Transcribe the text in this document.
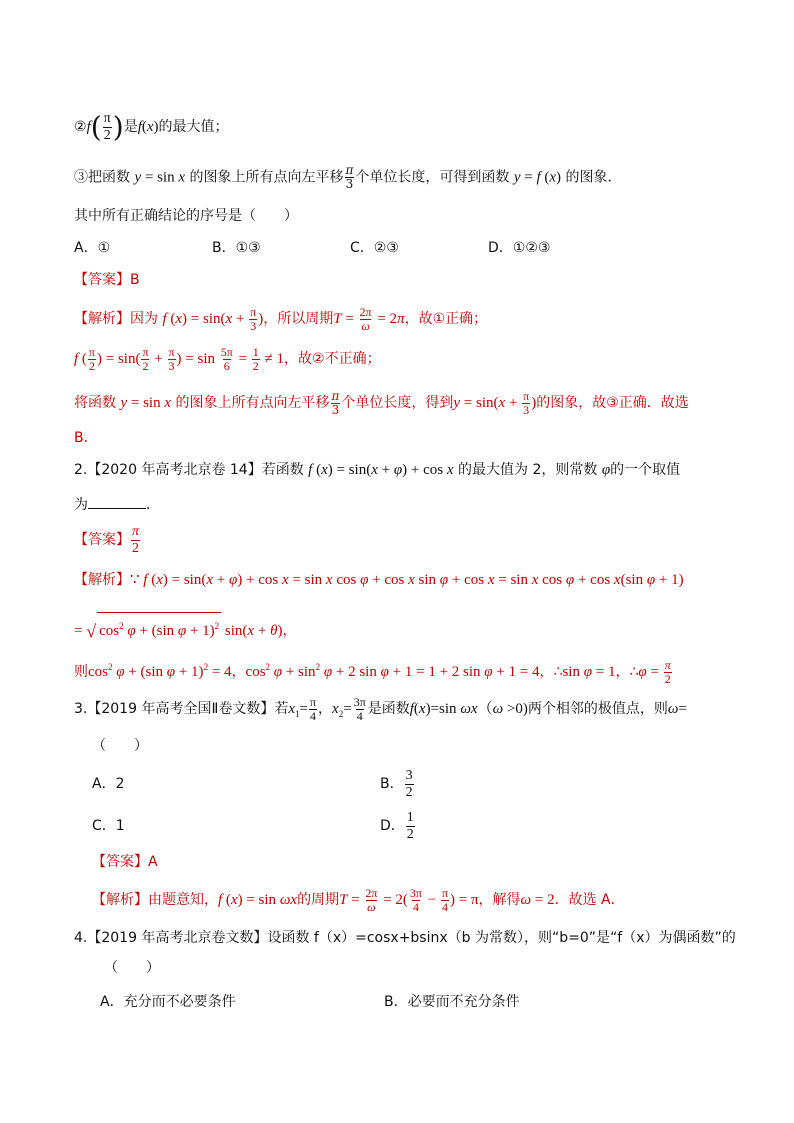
②f( $\frac{\pi}{2}$ )是f(x)的最大值；
③把函数 y = sin x 的图象上所有点向左平移 $\frac{\pi}{3}$ 个单位长度，可得到函数 y = f (x) 的图象．
其中所有正确结论的序号是（　　）
A．①	B．①③	C．②③	D．①②③
【答案】B
【解析】因为 f $(x) = \sin(x + \frac{\pi}{3}$ )，所以周期$T = \frac{2\pi}{\omega} = 2\pi$，故①正确；
f ( $\frac{\pi}{2}$ ) = $\sin( \frac{\pi}{2} + \frac{\pi}{3}$ ) = $\sin \frac{5\pi}{6} = \frac{1}{2} \ne 1$，故②不正确；
将函数 y = sin x 的图象上所有点向左平移 $\frac{\pi}{3}$ 个单位长度，得到$y = \sin(x + \frac{\pi}{3}$ )的图象，故③正确．故选
B．
2.【2020 年高考北京卷 14】若函数 f (x) = sin(x + φ) + cos x 的最大值为 2，则常数 φ的一个取值
为	．
【答案】 $\frac{\pi}{2}$
【解析】∵ f (x) = sin(x + φ) + cos x = sin x cos φ + cos x sin φ + cos x = sin x cos φ + cos x(sin φ + 1)
= √ $\cos^2 \varphi + (\sin$ φ + 1)$^2$ sin(x + θ)，
则$\cos^2 \varphi + (\sin$ φ + 1)$^2$ = 4，$\cos^2 \varphi + \sin^2 \varphi + 2$ sin φ + 1 = 1 + 2 sin φ + 1 = 4，∴sin φ = 1，∴φ = $\frac{\pi}{2}$
3.【2019 年高考全国Ⅱ卷文数】若$x_1= \frac{\pi}{4}$ ，$x_2= \frac{3\pi}{4}$ 是函数f(x)=sin ωx（ω >0)两个相邻的极值点，则ω=
（　　）
A．2	B． $\frac{3}{2}$
C．1	D． $\frac{1}{2}$
【答案】A
【解析】由题意知，f (x) = sin ωx的周期$T = \frac{2\pi}{\omega} = 2( \frac{3\pi}{4} - \frac{\pi}{4}$ ) = π，解得ω = 2．故选 A．
4.【2019 年高考北京卷文数】设函数 f（x）=cosx+bsinx（b 为常数），则“b=0”是“f（x）为偶函数”的
（　　）
A．充分而不必要条件	B．必要而不充分条件
